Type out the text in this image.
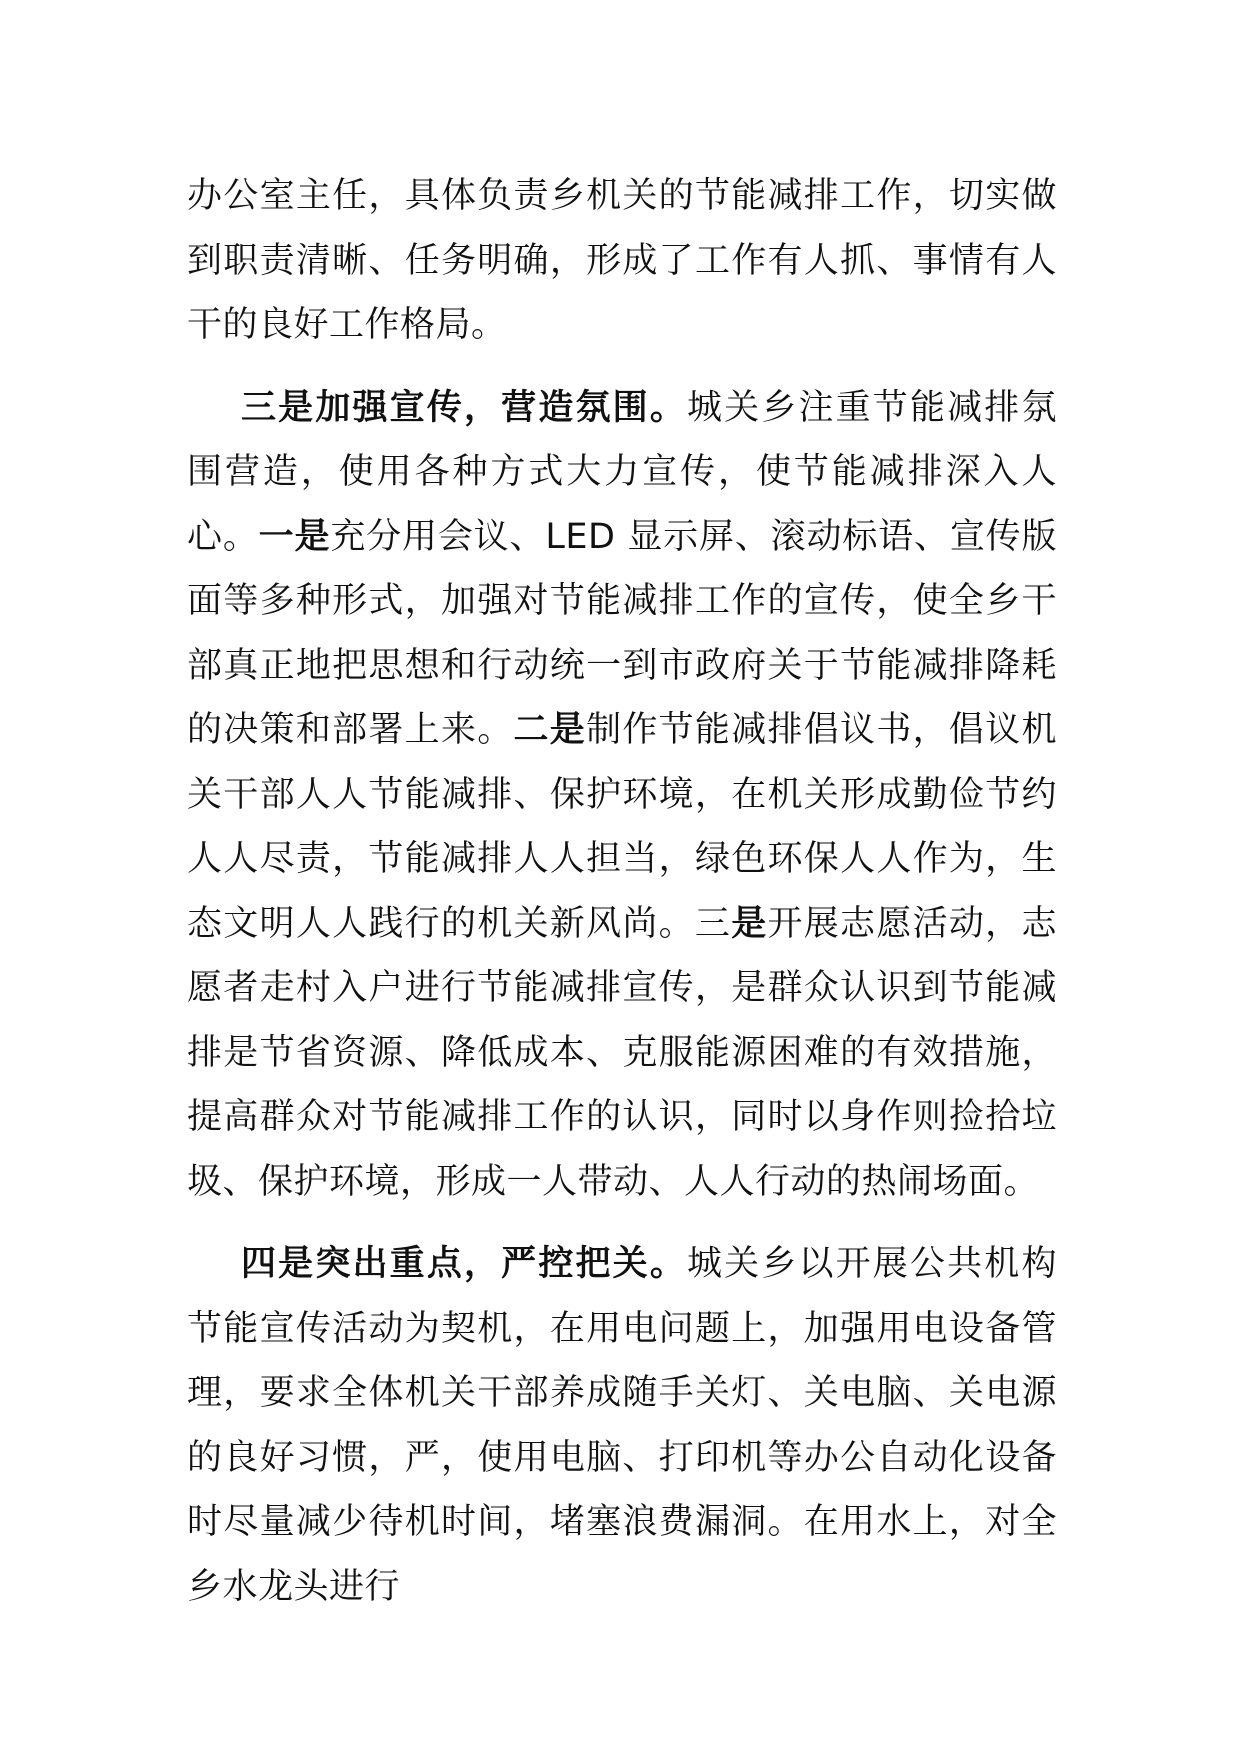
办公室主任，具体负责乡机关的节能减排工作，切实做到职责清晰、任务明确，形成了工作有人抓、事情有人干的良好工作格局。

三是加强宣传，营造氛围。城关乡注重节能减排氛围营造，使用各种方式大力宣传，使节能减排深入人心。一是充分用会议、LED 显示屏、滚动标语、宣传版面等多种形式，加强对节能减排工作的宣传，使全乡干部真正地把思想和行动统一到市政府关于节能减排降耗的决策和部署上来。二是制作节能减排倡议书，倡议机关干部人人节能减排、保护环境，在机关形成勤俭节约人人尽责，节能减排人人担当，绿色环保人人作为，生态文明人人践行的机关新风尚。三是开展志愿活动，志愿者走村入户进行节能减排宣传，是群众认识到节能减排是节省资源、降低成本、克服能源困难的有效措施，提高群众对节能减排工作的认识，同时以身作则捡拾垃圾、保护环境，形成一人带动、人人行动的热闹场面。

四是突出重点，严控把关。城关乡以开展公共机构节能宣传活动为契机，在用电问题上，加强用电设备管理，要求全体机关干部养成随手关灯、关电脑、关电源的良好习惯，严，使用电脑、打印机等办公自动化设备时尽量减少待机时间，堵塞浪费漏洞。在用水上，对全乡水龙头进行
